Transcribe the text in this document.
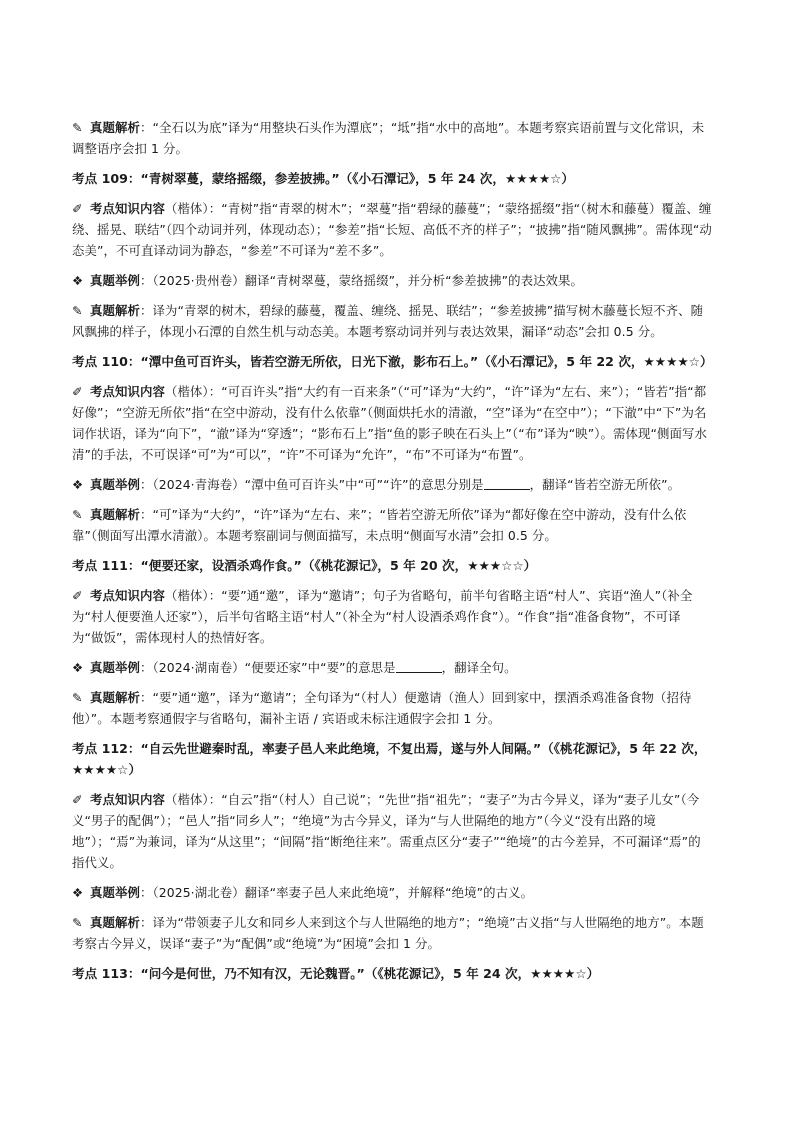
✎ 真题解析：“全石以为底”译为“用整块石头作为潭底”；“坻”指“水中的高地”。本题考察宾语前置与文化常识，未调整语序会扣 1 分。

考点 109：“青树翠蔓，蒙络摇缀，参差披拂。”（《小石潭记》，5 年 24 次，★★★★☆）

✐ 考点知识内容（楷体）：“青树”指“青翠的树木”；“翠蔓”指“碧绿的藤蔓”；“蒙络摇缀”指“（树木和藤蔓）覆盖、缠绕、摇晃、联结”（四个动词并列，体现动态）；“参差”指“长短、高低不齐的样子”；“披拂”指“随风飘拂”。需体现“动态美”，不可直译动词为静态，“参差”不可译为“差不多”。

❖ 真题举例：（2025·贵州卷）翻译“青树翠蔓，蒙络摇缀”，并分析“参差披拂”的表达效果。

✎ 真题解析：译为“青翠的树木，碧绿的藤蔓，覆盖、缠绕、摇晃、联结”；“参差披拂”描写树木藤蔓长短不齐、随风飘拂的样子，体现小石潭的自然生机与动态美。本题考察动词并列与表达效果，漏译“动态”会扣 0.5 分。

考点 110：“潭中鱼可百许头，皆若空游无所依，日光下澈，影布石上。”（《小石潭记》，5 年 22 次，★★★★☆）

✐ 考点知识内容（楷体）：“可百许头”指“大约有一百来条”（“可”译为“大约”，“许”译为“左右、来”）；“皆若”指“都好像”；“空游无所依”指“在空中游动，没有什么依靠”（侧面烘托水的清澈，“空”译为“在空中”）；“下澈”中“下”为名词作状语，译为“向下”，“澈”译为“穿透”；“影布石上”指“鱼的影子映在石头上”（“布”译为“映”）。需体现“侧面写水清”的手法，不可误译“可”为“可以”，“许”不可译为“允许”，“布”不可译为“布置”。

❖ 真题举例：（2024·青海卷）“潭中鱼可百许头”中“可”“许”的意思分别是	，翻译“皆若空游无所依”。

✎ 真题解析：“可”译为“大约”，“许”译为“左右、来”；“皆若空游无所依”译为“都好像在空中游动，没有什么依靠”（侧面写出潭水清澈）。本题考察副词与侧面描写，未点明“侧面写水清”会扣 0.5 分。

考点 111：“便要还家，设酒杀鸡作食。”（《桃花源记》，5 年 20 次，★★★☆☆）

✐ 考点知识内容（楷体）：“要”通“邀”，译为“邀请”；句子为省略句，前半句省略主语“村人”、宾语“渔人”（补全为“村人便要渔人还家”），后半句省略主语“村人”（补全为“村人设酒杀鸡作食”）。“作食”指“准备食物”，不可译为“做饭”，需体现村人的热情好客。

❖ 真题举例：（2024·湖南卷）“便要还家”中“要”的意思是	，翻译全句。

✎ 真题解析：“要”通“邀”，译为“邀请”；全句译为“（村人）便邀请（渔人）回到家中，摆酒杀鸡准备食物（招待他）”。本题考察通假字与省略句，漏补主语 / 宾语或未标注通假字会扣 1 分。

考点 112：“自云先世避秦时乱，率妻子邑人来此绝境，不复出焉，遂与外人间隔。”（《桃花源记》，5 年 22 次，★★★★☆）

✐ 考点知识内容（楷体）：“自云”指“（村人）自己说”；“先世”指“祖先”；“妻子”为古今异义，译为“妻子儿女”（今义“男子的配偶”）；“邑人”指“同乡人”；“绝境”为古今异义，译为“与人世隔绝的地方”（今义“没有出路的境地”）；“焉”为兼词，译为“从这里”；“间隔”指“断绝往来”。需重点区分“妻子”“绝境”的古今差异，不可漏译“焉”的指代义。

❖ 真题举例：（2025·湖北卷）翻译“率妻子邑人来此绝境”，并解释“绝境”的古义。

✎ 真题解析：译为“带领妻子儿女和同乡人来到这个与人世隔绝的地方”；“绝境”古义指“与人世隔绝的地方”。本题考察古今异义，误译“妻子”为“配偶”或“绝境”为“困境”会扣 1 分。

考点 113：“问今是何世，乃不知有汉，无论魏晋。”（《桃花源记》，5 年 24 次，★★★★☆）
